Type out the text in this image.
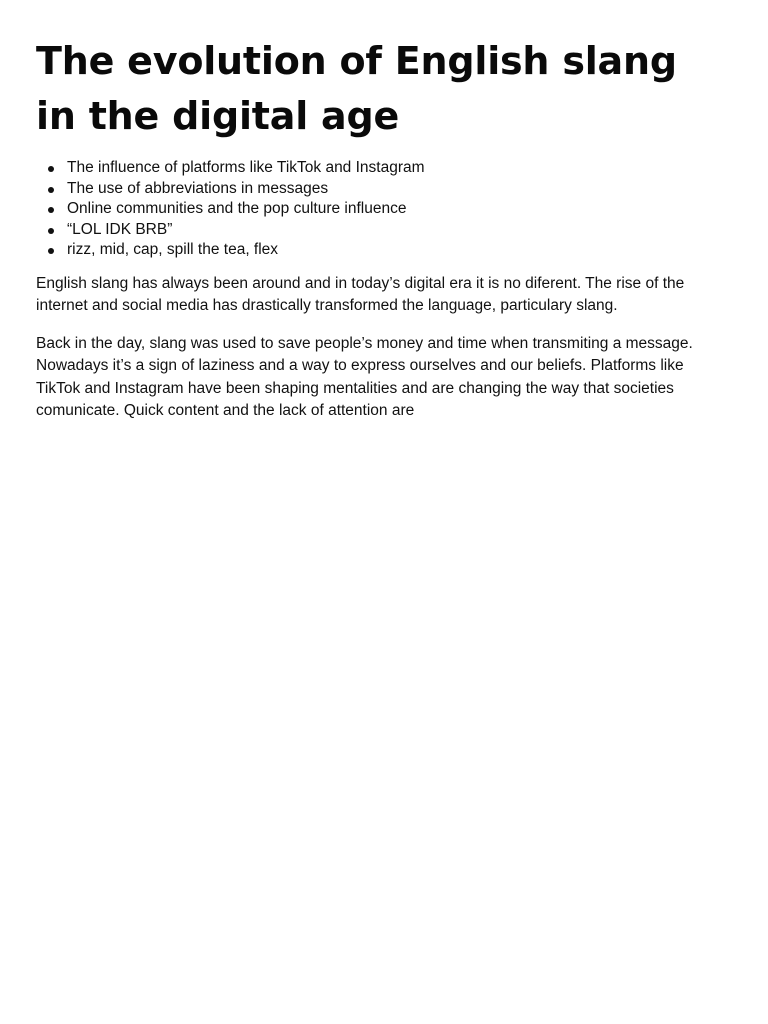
The evolution of English slang in the digital age
The influence of platforms like TikTok and Instagram
The use of abbreviations in messages
Online communities and the pop culture influence
“LOL IDK BRB”
rizz, mid, cap, spill the tea, flex

English slang has always been around and in today’s digital era it is no diferent. The rise of the internet and social media has drastically transformed the language, particulary slang.

Back in the day, slang was used to save people’s money and time when transmiting a message. Nowadays it’s a sign of laziness and a way to express ourselves and our beliefs. Platforms like TikTok and Instagram have been shaping mentalities and are changing the way that societies comunicate. Quick content and the lack of attention are
